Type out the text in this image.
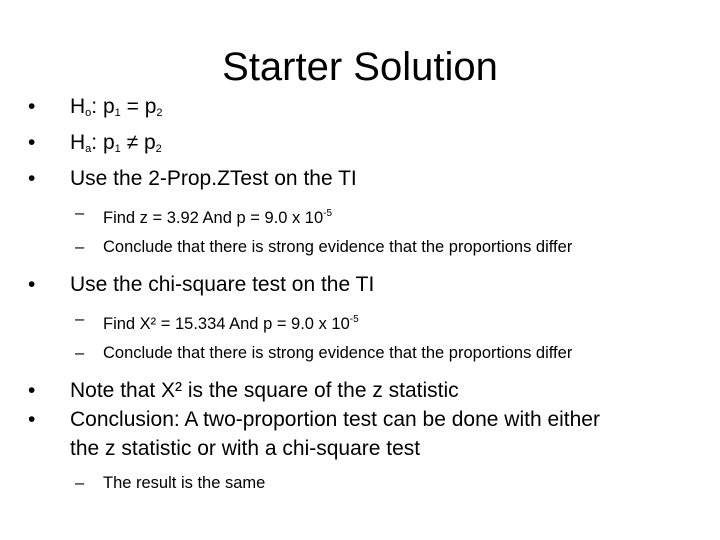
Starter Solution
• $H_o$: $p_1 = p_2$
• $H_a$: $p_1 \ne p_2$
• Use the 2-Prop.ZTest on the TI
– Find z = 3.92 And p = 9.0 x $10^{-5}$
– Conclude that there is strong evidence that the proportions differ
• Use the chi-square test on the TI
– Find X² = 15.334 And p = 9.0 x $10^{-5}$
– Conclude that there is strong evidence that the proportions differ
• Note that X² is the square of the z statistic
• Conclusion: A two-proportion test can be done with either
the z statistic or with a chi-square test
– The result is the same
